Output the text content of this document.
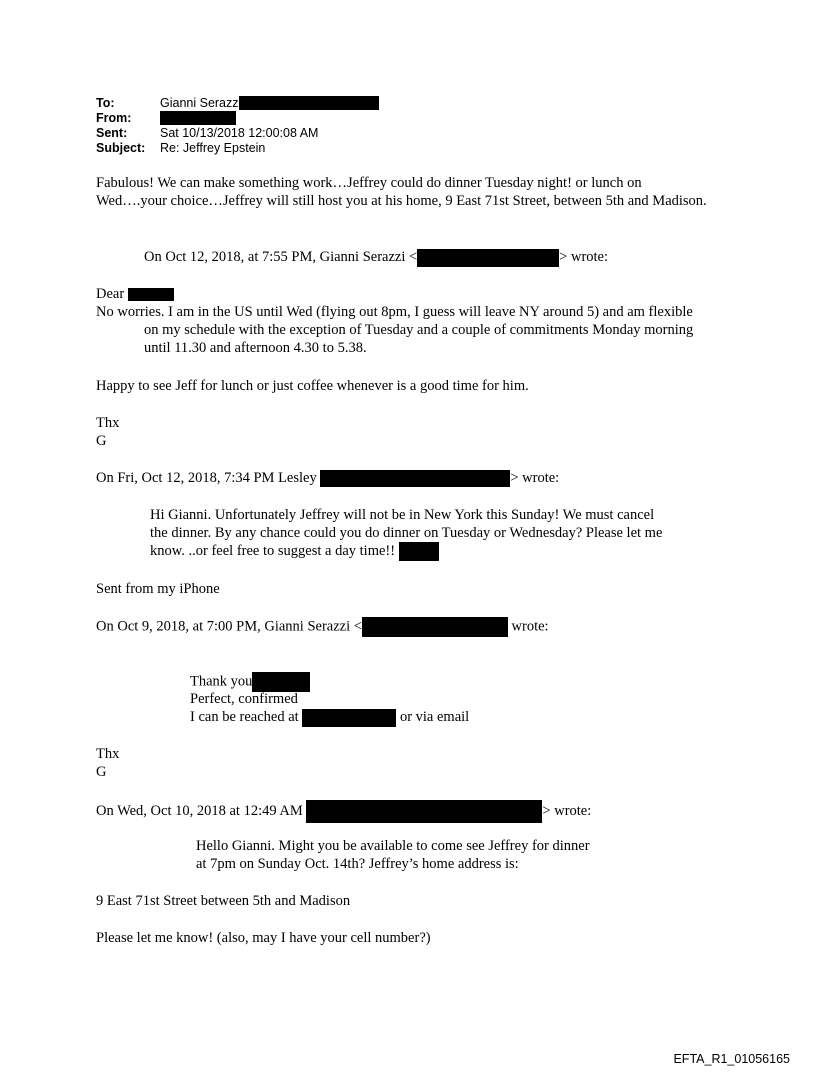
To:	Gianni Serazz
From:
Sent:	Sat 10/13/2018 12:00:08 AM
Subject:	Re: Jeffrey Epstein
Fabulous! We can make something work…Jeffrey could do dinner Tuesday night! or lunch on Wed….your choice…Jeffrey will still host you at his home, 9 East 71st Street, between 5th and Madison.
On Oct 12, 2018, at 7:55 PM, Gianni Serazzi <	> wrote:
Dear
No worries. I am in the US until Wed (flying out 8pm, I guess will leave NY around 5) and am flexible on my schedule with the exception of Tuesday and a couple of commitments Monday morning until 11.30 and afternoon 4.30 to 5.38.
Happy to see Jeff for lunch or just coffee whenever is a good time for him.
Thx
G
On Fri, Oct 12, 2018, 7:34 PM Lesley	> wrote:
Hi Gianni. Unfortunately Jeffrey will not be in New York this Sunday! We must cancel the dinner. By any chance could you do dinner on Tuesday or Wednesday? Please let me know. ..or feel free to suggest a day time!!
Sent from my iPhone
On Oct 9, 2018, at 7:00 PM, Gianni Serazzi <	wrote:
Thank you
Perfect, confirmed
I can be reached at	or via email
Thx
G
On Wed, Oct 10, 2018 at 12:49 AM	> wrote:
Hello Gianni. Might you be available to come see Jeffrey for dinner
at 7pm on Sunday Oct. 14th? Jeffrey’s home address is:
9 East 71st Street between 5th and Madison
Please let me know! (also, may I have your cell number?)
EFTA_R1_01056165
